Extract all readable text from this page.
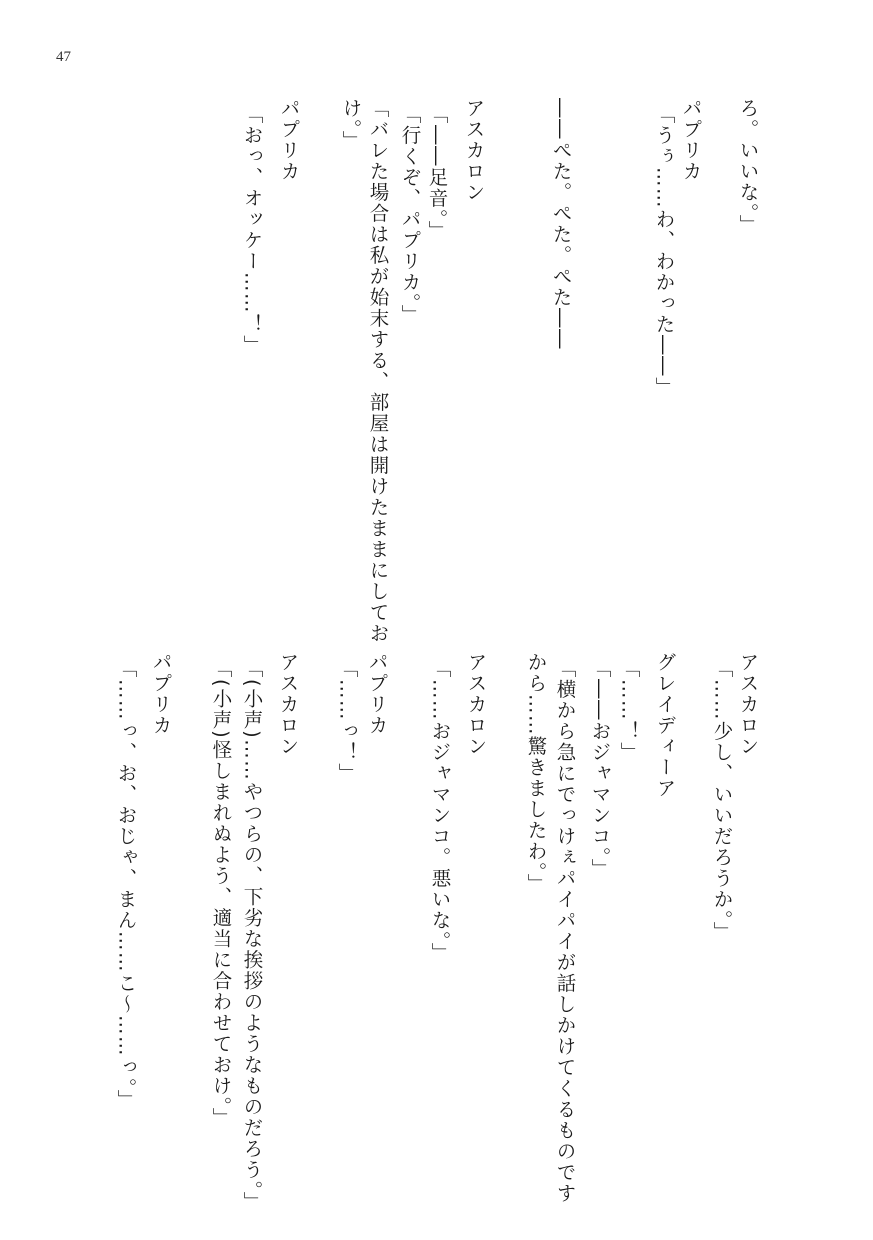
47
ろ。いいな。」
パプリカ
「うぅ……わ、わかった――」
――ぺた。ぺた。ぺた――
アスカロン
「――足音。」
「行くぞ、パプリカ。」
「バレた場合は私が始末する、部屋は開けたままにしてお
け。」
パプリカ
「おっ、オッケー……！」
アスカロン
「……少し、いいだろうか。」
グレイディーア
「……！」
「――おジャマンコ。」
「横から急にでっけぇパイパイが話しかけてくるものです
から……驚きましたわ。」
アスカロン
「……おジャマンコ。悪いな。」
パプリカ
「……っ！」
アスカロン
「(小声)……やつらの、下劣な挨拶のようなものだろう。」
「(小声)怪しまれぬよう、適当に合わせておけ。」
パプリカ
「……っ、お、おじゃ、まん……こ～……っ。」
